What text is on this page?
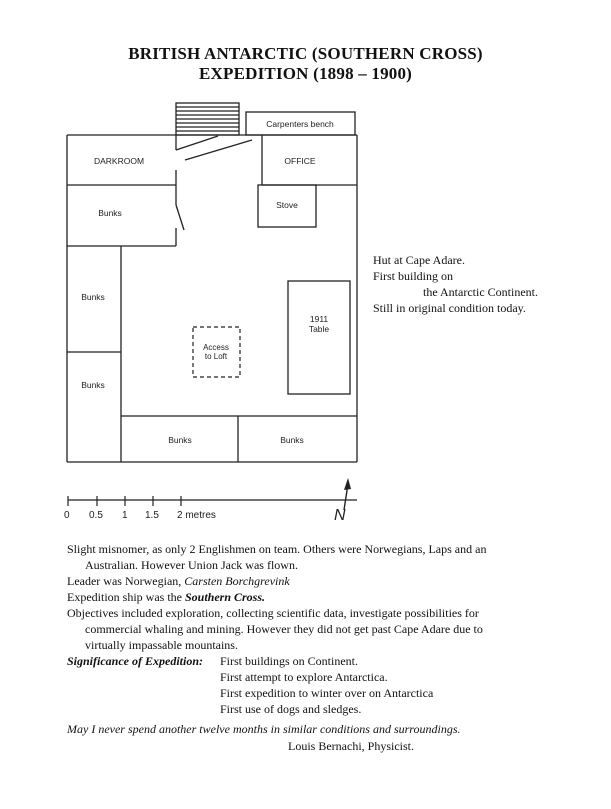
BRITISH ANTARCTIC (SOUTHERN CROSS)
EXPEDITION (1898 – 1900)
Carpenters bench
DARKROOM	OFFICE
Bunks
Stove
Bunks
Bunks
1911
Table
Access
to Loft
Bunks	Bunks
0 0.5 1 1.5 2 metres	N
Hut at Cape Adare.
First building on
the Antarctic Continent.
Still in original condition today.
Slight misnomer, as only 2 Englishmen on team. Others were Norwegians, Laps and an
Australian. However Union Jack was flown.
Leader was Norwegian, Carsten Borchgrevink
Expedition ship was the Southern Cross.
Objectives included exploration, collecting scientific data, investigate possibilities for
commercial whaling and mining. However they did not get past Cape Adare due to
virtually impassable mountains.
Significance of Expedition:	First buildings on Continent.
First attempt to explore Antarctica.
First expedition to winter over on Antarctica
First use of dogs and sledges.
May I never spend another twelve months in similar conditions and surroundings.
Louis Bernachi, Physicist.
